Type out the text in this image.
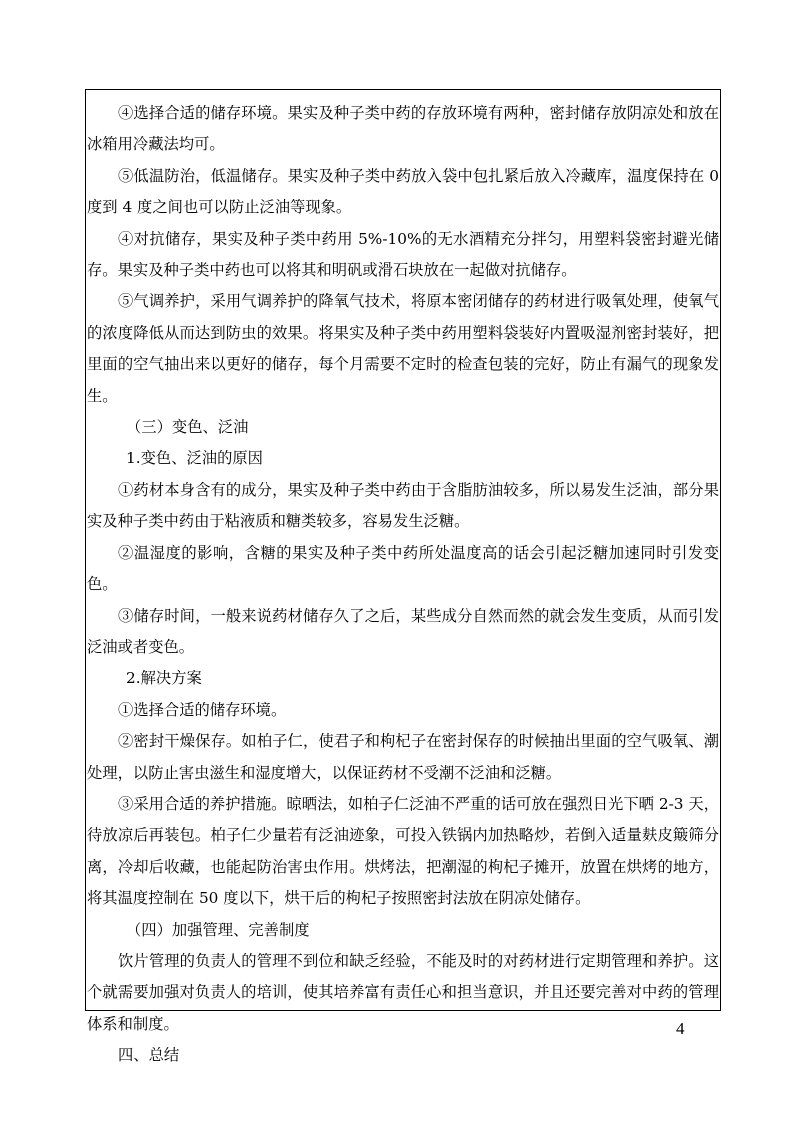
④选择合适的储存环境。果实及种子类中药的存放环境有两种，密封储存放阴凉处和放在冰箱用冷藏法均可。

⑤低温防治，低温储存。果实及种子类中药放入袋中包扎紧后放入冷藏库，温度保持在 0 度到 4 度之间也可以防止泛油等现象。

④对抗储存，果实及种子类中药用 5%-10%的无水酒精充分拌匀，用塑料袋密封避光储存。果实及种子类中药也可以将其和明矾或滑石块放在一起做对抗储存。

⑤气调养护，采用气调养护的降氧气技术，将原本密闭储存的药材进行吸氧处理，使氧气的浓度降低从而达到防虫的效果。将果实及种子类中药用塑料袋装好内置吸湿剂密封装好，把里面的空气抽出来以更好的储存，每个月需要不定时的检查包装的完好，防止有漏气的现象发生。

（三）变色、泛油

1.变色、泛油的原因

①药材本身含有的成分，果实及种子类中药由于含脂肪油较多，所以易发生泛油，部分果实及种子类中药由于粘液质和糖类较多，容易发生泛糖。

②温湿度的影响，含糖的果实及种子类中药所处温度高的话会引起泛糖加速同时引发变色。

③储存时间，一般来说药材储存久了之后，某些成分自然而然的就会发生变质，从而引发泛油或者变色。

2.解决方案

①选择合适的储存环境。

②密封干燥保存。如柏子仁，使君子和枸杞子在密封保存的时候抽出里面的空气吸氧、潮处理，以防止害虫滋生和湿度增大，以保证药材不受潮不泛油和泛糖。

③采用合适的养护措施。晾晒法，如柏子仁泛油不严重的话可放在强烈日光下晒 2-3 天，待放凉后再装包。柏子仁少量若有泛油迹象，可投入铁锅内加热略炒，若倒入适量麸皮簸筛分离，冷却后收藏，也能起防治害虫作用。烘烤法，把潮湿的枸杞子摊开，放置在烘烤的地方，将其温度控制在 50 度以下，烘干后的枸杞子按照密封法放在阴凉处储存。

（四）加强管理、完善制度

饮片管理的负责人的管理不到位和缺乏经验，不能及时的对药材进行定期管理和养护。这个就需要加强对负责人的培训，使其培养富有责任心和担当意识，并且还要完善对中药的管理体系和制度。

四、总结

4
